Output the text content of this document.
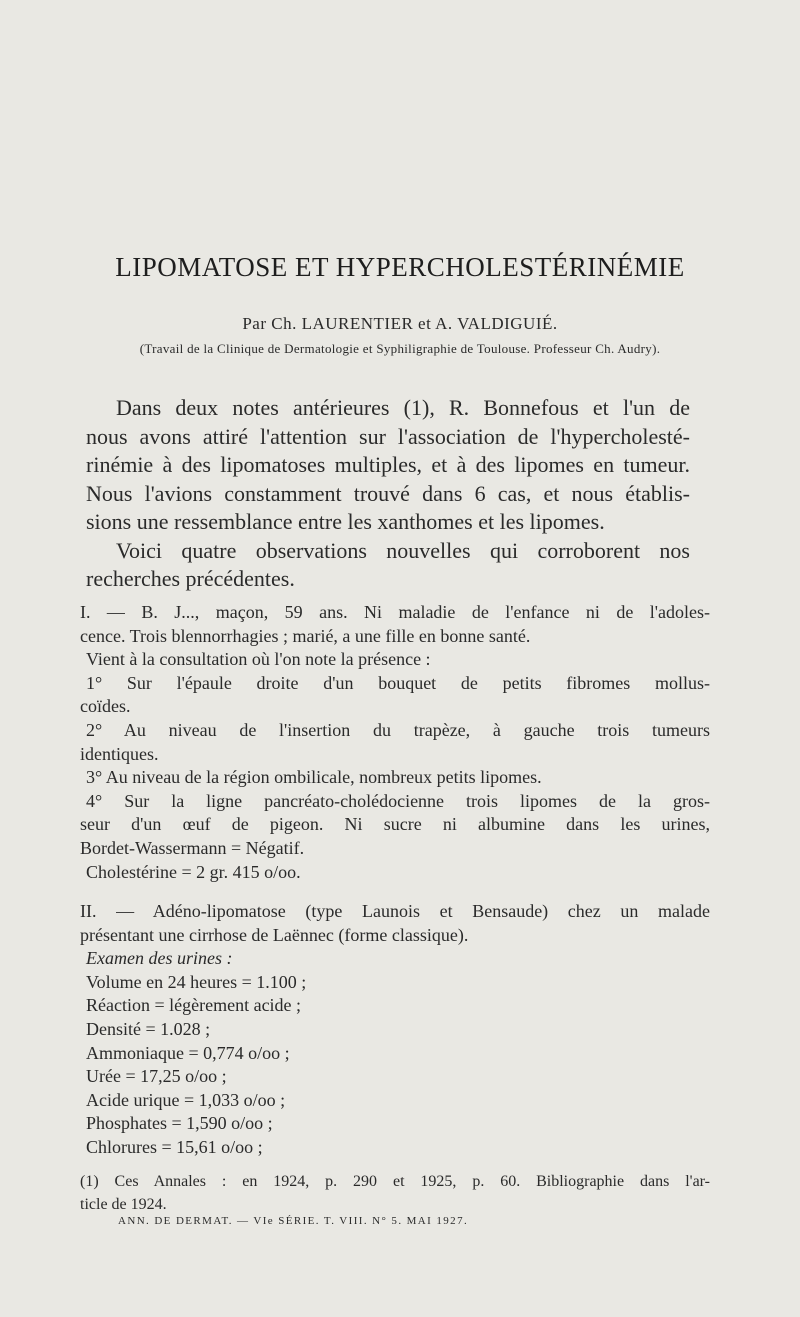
LIPOMATOSE ET HYPERCHOLESTÉRINÉMIE
Par Ch. LAURENTIER et A. VALDIGUIÉ.
(Travail de la Clinique de Dermatologie et Syphiligraphie de Toulouse. Professeur Ch. Audry).
Dans deux notes antérieures (1), R. Bonnefous et l'un de
nous avons attiré l'attention sur l'association de l'hypercholesté-
rinémie à des lipomatoses multiples, et à des lipomes en tumeur.
Nous l'avions constamment trouvé dans 6 cas, et nous établis-
sions une ressemblance entre les xanthomes et les lipomes.
Voici quatre observations nouvelles qui corroborent nos
recherches précédentes.
I. — B. J..., maçon, 59 ans. Ni maladie de l'enfance ni de l'adoles-
cence. Trois blennorrhagies ; marié, a une fille en bonne santé.
Vient à la consultation où l'on note la présence :
1° Sur l'épaule droite d'un bouquet de petits fibromes mollus-
coïdes.
2° Au niveau de l'insertion du trapèze, à gauche trois tumeurs
identiques.
3° Au niveau de la région ombilicale, nombreux petits lipomes.
4° Sur la ligne pancréato-cholédocienne trois lipomes de la gros-
seur d'un œuf de pigeon. Ni sucre ni albumine dans les urines,
Bordet-Wassermann = Négatif.
Cholestérine = 2 gr. 415 o/oo.
II. — Adéno-lipomatose (type Launois et Bensaude) chez un malade
présentant une cirrhose de Laënnec (forme classique).
Examen des urines :
Volume en 24 heures = 1.100 ;
Réaction = légèrement acide ;
Densité = 1.028 ;
Ammoniaque = 0,774 o/oo ;
Urée = 17,25 o/oo ;
Acide urique = 1,033 o/oo ;
Phosphates = 1,590 o/oo ;
Chlorures = 15,61 o/oo ;
(1) Ces Annales : en 1924, p. 290 et 1925, p. 60. Bibliographie dans l'ar-
ticle de 1924.
ANN. DE DERMAT. — VIe SÉRIE. T. VIII. N° 5. MAI 1927.
